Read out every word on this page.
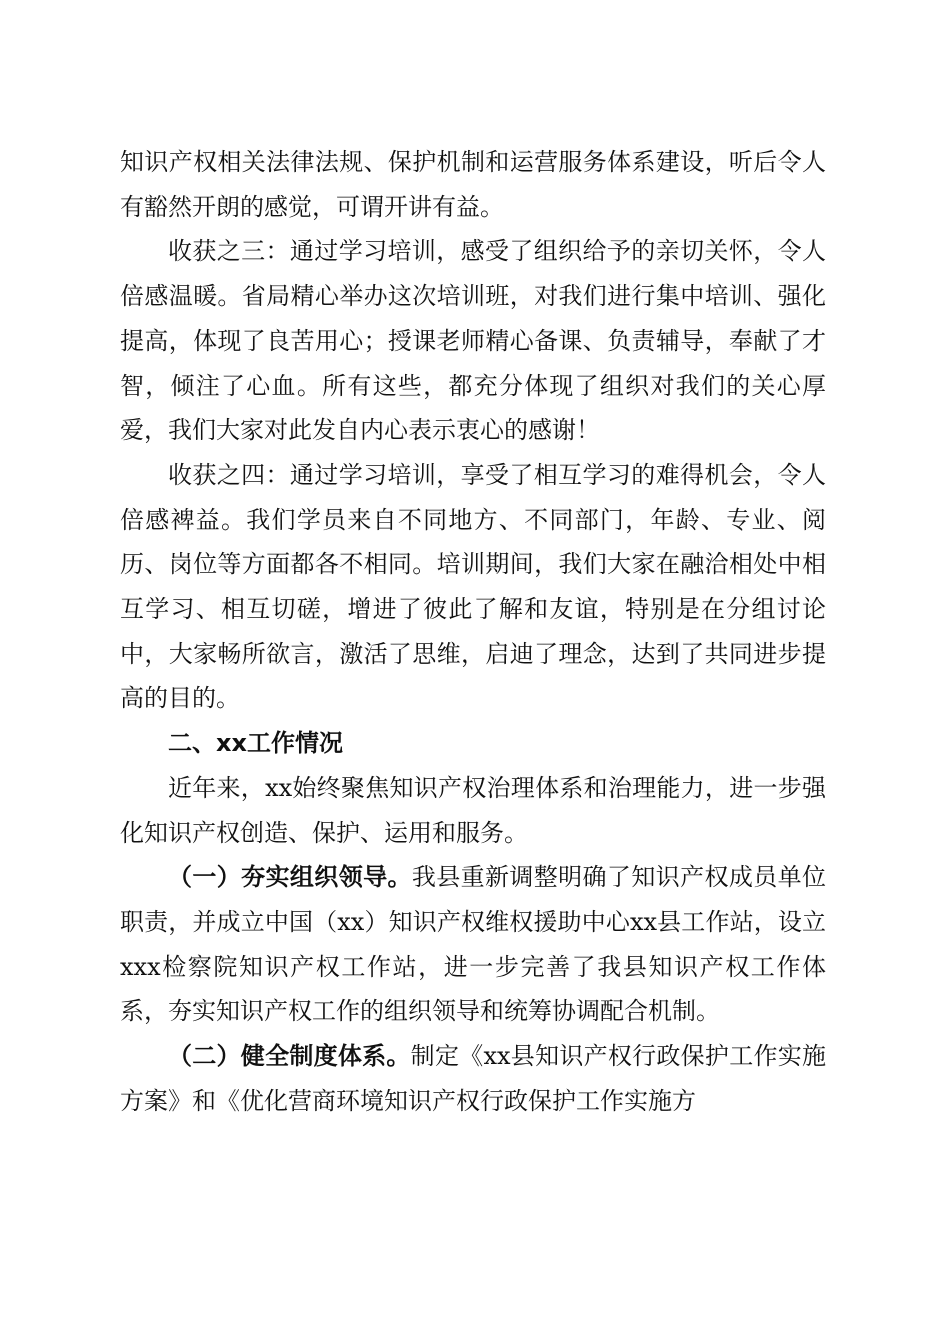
知识产权相关法律法规、保护机制和运营服务体系建设，听后令人有豁然开朗的感觉，可谓开讲有益。

收获之三：通过学习培训，感受了组织给予的亲切关怀，令人倍感温暖。省局精心举办这次培训班，对我们进行集中培训、强化提高，体现了良苦用心；授课老师精心备课、负责辅导，奉献了才智，倾注了心血。所有这些，都充分体现了组织对我们的关心厚爱，我们大家对此发自内心表示衷心的感谢！

收获之四：通过学习培训，享受了相互学习的难得机会，令人倍感裨益。我们学员来自不同地方、不同部门，年龄、专业、阅历、岗位等方面都各不相同。培训期间，我们大家在融洽相处中相互学习、相互切磋，增进了彼此了解和友谊，特别是在分组讨论中，大家畅所欲言，激活了思维，启迪了理念，达到了共同进步提高的目的。

二、xx工作情况

近年来，xx始终聚焦知识产权治理体系和治理能力，进一步强化知识产权创造、保护、运用和服务。

（一）夯实组织领导。我县重新调整明确了知识产权成员单位职责，并成立中国（xx）知识产权维权援助中心xx县工作站，设立xxx检察院知识产权工作站，进一步完善了我县知识产权工作体系，夯实知识产权工作的组织领导和统筹协调配合机制。

（二）健全制度体系。制定《xx县知识产权行政保护工作实施方案》和《优化营商环境知识产权行政保护工作实施方
